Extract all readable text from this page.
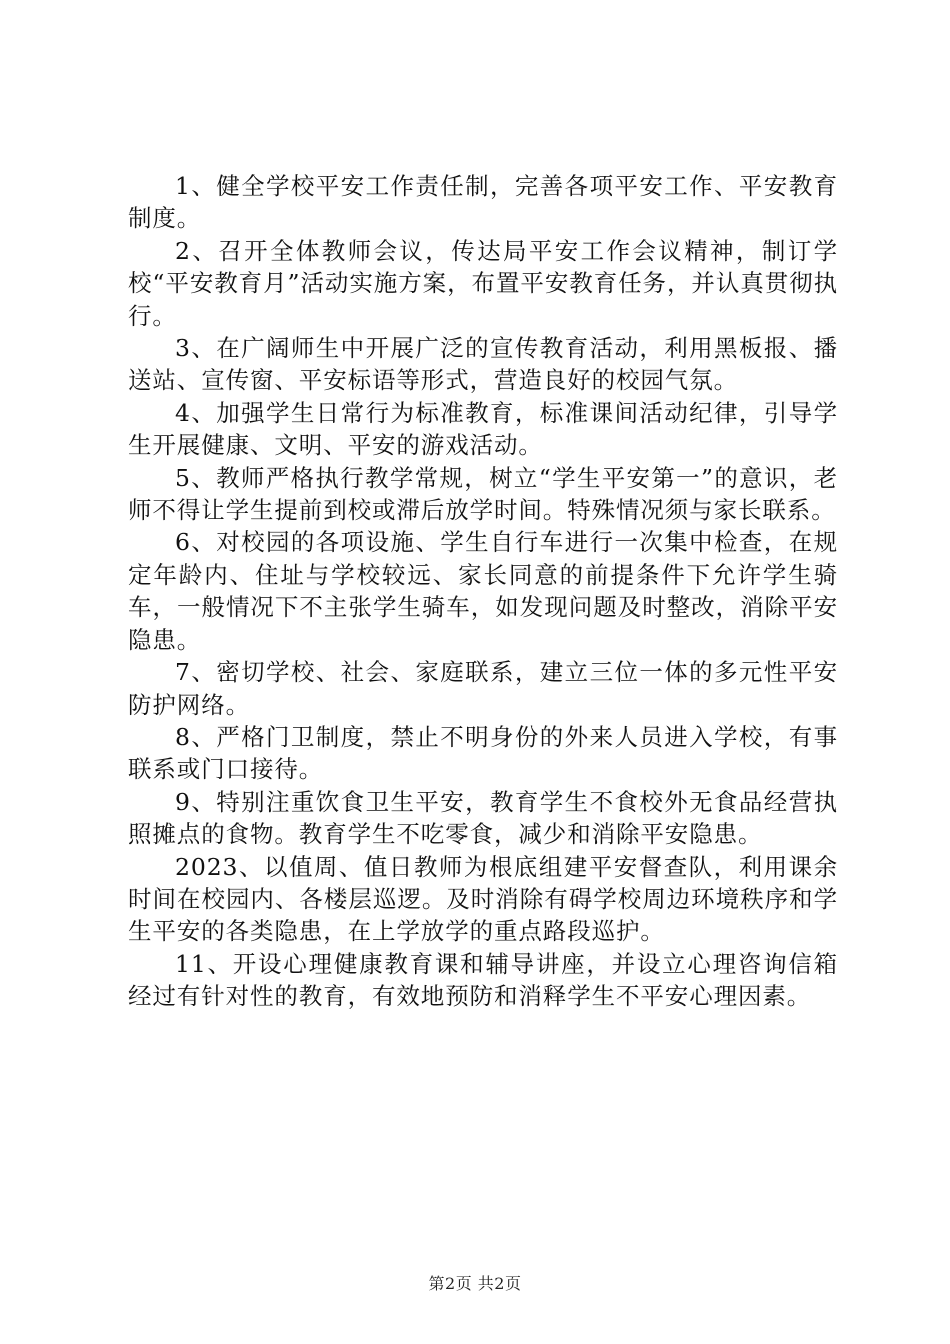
1、健全学校平安工作责任制，完善各项平安工作、平安教育制度。

2、召开全体教师会议，传达局平安工作会议精神，制订学校“平安教育月”活动实施方案，布置平安教育任务，并认真贯彻执行。

3、在广阔师生中开展广泛的宣传教育活动，利用黑板报、播送站、宣传窗、平安标语等形式，营造良好的校园气氛。

4、加强学生日常行为标准教育，标准课间活动纪律，引导学生开展健康、文明、平安的游戏活动。

5、教师严格执行教学常规，树立“学生平安第一”的意识，老师不得让学生提前到校或滞后放学时间。特殊情况须与家长联系。

6、对校园的各项设施、学生自行车进行一次集中检查，在规定年龄内、住址与学校较远、家长同意的前提条件下允许学生骑车，一般情况下不主张学生骑车，如发现问题及时整改，消除平安隐患。

7、密切学校、社会、家庭联系，建立三位一体的多元性平安防护网络。

8、严格门卫制度，禁止不明身份的外来人员进入学校，有事　 联系或门口接待。

9、特别注重饮食卫生平安，教育学生不食校外无食品经营执照摊点的食物。教育学生不吃零食，减少和消除平安隐患。

2023、以值周、值日教师为根底组建平安督查队，利用课余时间在校园内、各楼层巡逻。及时消除有碍学校周边环境秩序和学生平安的各类隐患，在上学放学的重点路段巡护。

11、开设心理健康教育课和辅导讲座，并设立心理咨询信箱经过有针对性的教育，有效地预防和消释学生不平安心理因素。

第2页 共2页
